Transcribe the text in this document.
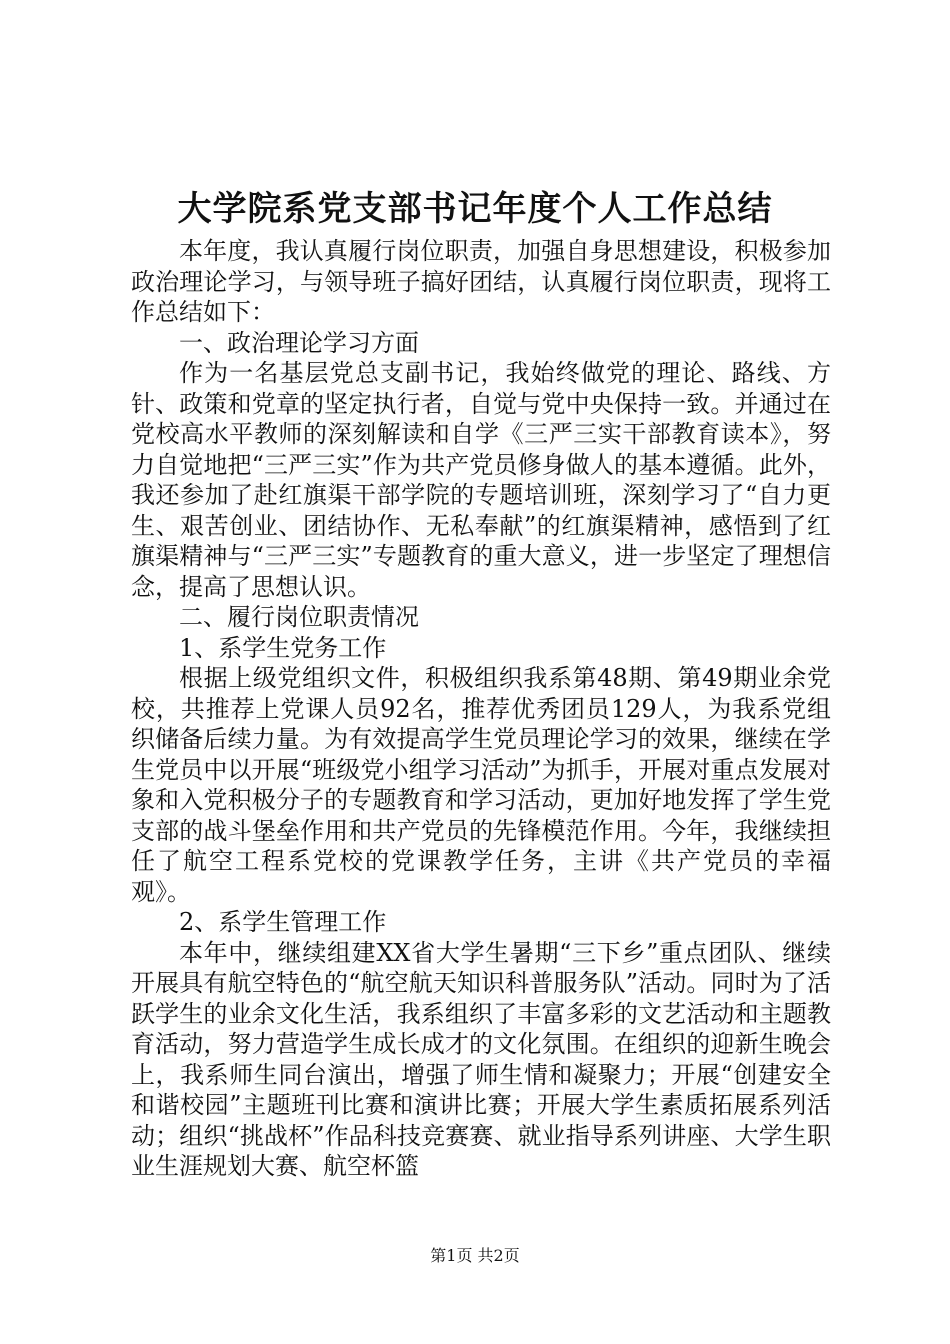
大学院系党支部书记年度个人工作总结

本年度，我认真履行岗位职责，加强自身思想建设，积极参加政治理论学习，与领导班子搞好团结，认真履行岗位职责，现将工作总结如下：

一、政治理论学习方面

作为一名基层党总支副书记，我始终做党的理论、路线、方针、政策和党章的坚定执行者，自觉与党中央保持一致。并通过在党校高水平教师的深刻解读和自学《三严三实干部教育读本》，努力自觉地把“三严三实”作为共产党员修身做人的基本遵循。此外，我还参加了赴红旗渠干部学院的专题培训班，深刻学习了“自力更生、艰苦创业、团结协作、无私奉献”的红旗渠精神，感悟到了红旗渠精神与“三严三实”专题教育的重大意义，进一步坚定了理想信念，提高了思想认识。

二、履行岗位职责情况

1、系学生党务工作

根据上级党组织文件，积极组织我系第48期、第49期业余党校，共推荐上党课人员92名，推荐优秀团员129人，为我系党组织储备后续力量。为有效提高学生党员理论学习的效果，继续在学生党员中以开展“班级党小组学习活动”为抓手，开展对重点发展对象和入党积极分子的专题教育和学习活动，更加好地发挥了学生党支部的战斗堡垒作用和共产党员的先锋模范作用。今年，我继续担任了航空工程系党校的党课教学任务，主讲《共产党员的幸福观》。

2、系学生管理工作

本年中，继续组建XX省大学生暑期“三下乡”重点团队、继续开展具有航空特色的“航空航天知识科普服务队”活动。同时为了活跃学生的业余文化生活，我系组织了丰富多彩的文艺活动和主题教育活动，努力营造学生成长成才的文化氛围。在组织的迎新生晚会上，我系师生同台演出，增强了师生情和凝聚力；开展“创建安全和谐校园”主题班刊比赛和演讲比赛；开展大学生素质拓展系列活动；组织“挑战杯”作品科技竞赛赛、就业指导系列讲座、大学生职业生涯规划大赛、航空杯篮

第1页 共2页
